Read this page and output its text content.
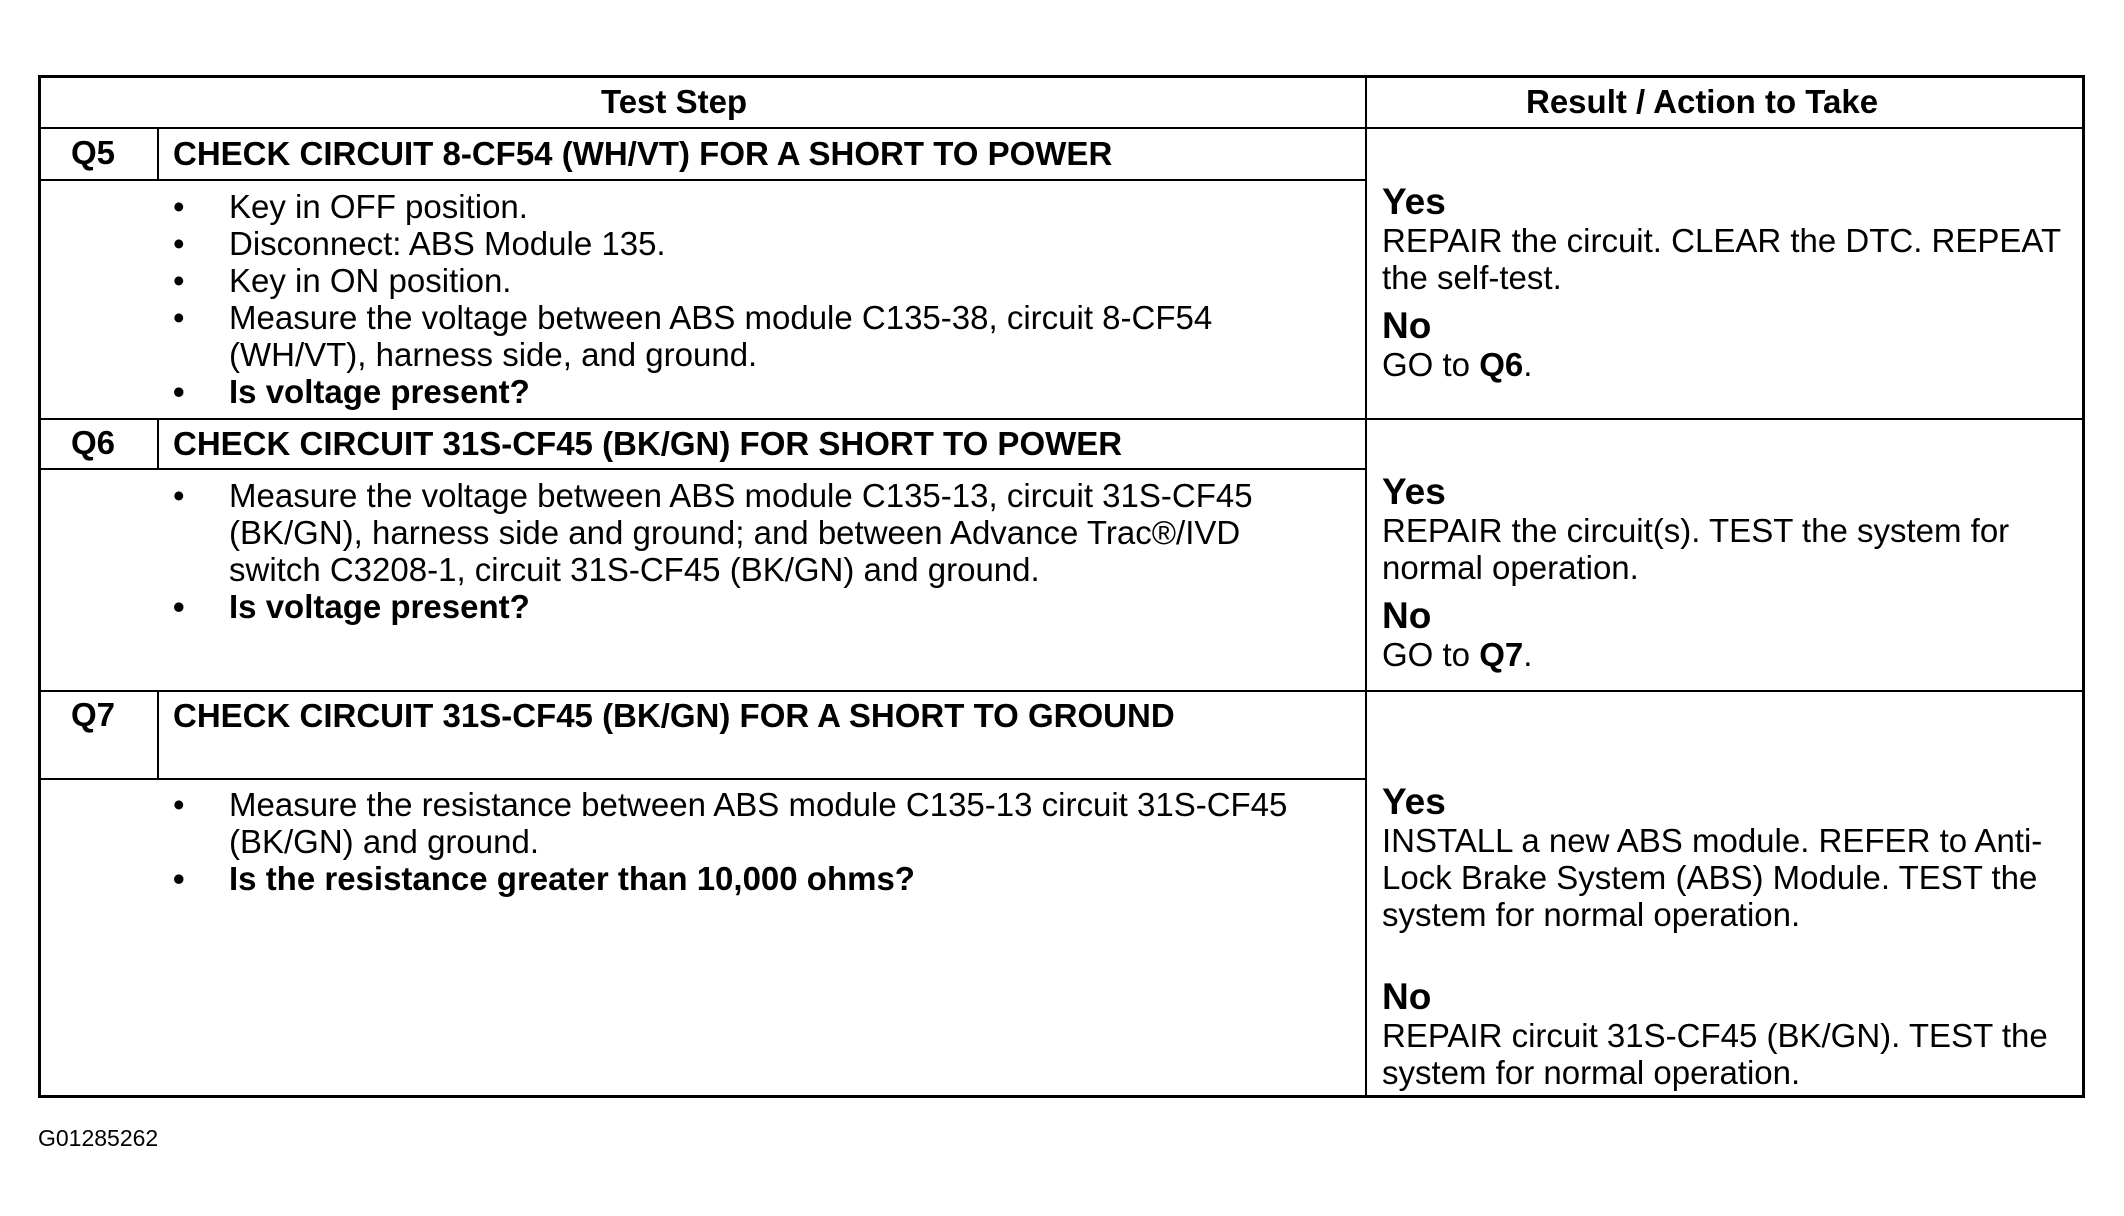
Test Step	Result / Action to Take
Q5 CHECK CIRCUIT 8-CF54 (WH/VT) FOR A SHORT TO POWER
• Key in OFF position.
• Disconnect: ABS Module 135.
• Key in ON position.
• Measure the voltage between ABS module C135-38, circuit 8-CF54 (WH/VT), harness side, and ground.
• Is voltage present?
Yes
REPAIR the circuit. CLEAR the DTC. REPEAT the self-test.
No
GO to Q6.
Q6 CHECK CIRCUIT 31S-CF45 (BK/GN) FOR SHORT TO POWER
• Measure the voltage between ABS module C135-13, circuit 31S-CF45 (BK/GN), harness side and ground; and between Advance Trac®/IVD switch C3208-1, circuit 31S-CF45 (BK/GN) and ground.
• Is voltage present?
Yes
REPAIR the circuit(s). TEST the system for normal operation.
No
GO to Q7.
Q7 CHECK CIRCUIT 31S-CF45 (BK/GN) FOR A SHORT TO GROUND
• Measure the resistance between ABS module C135-13 circuit 31S-CF45 (BK/GN) and ground.
• Is the resistance greater than 10,000 ohms?
Yes
INSTALL a new ABS module. REFER to Anti-Lock Brake System (ABS) Module. TEST the system for normal operation.
No
REPAIR circuit 31S-CF45 (BK/GN). TEST the system for normal operation.
G01285262
